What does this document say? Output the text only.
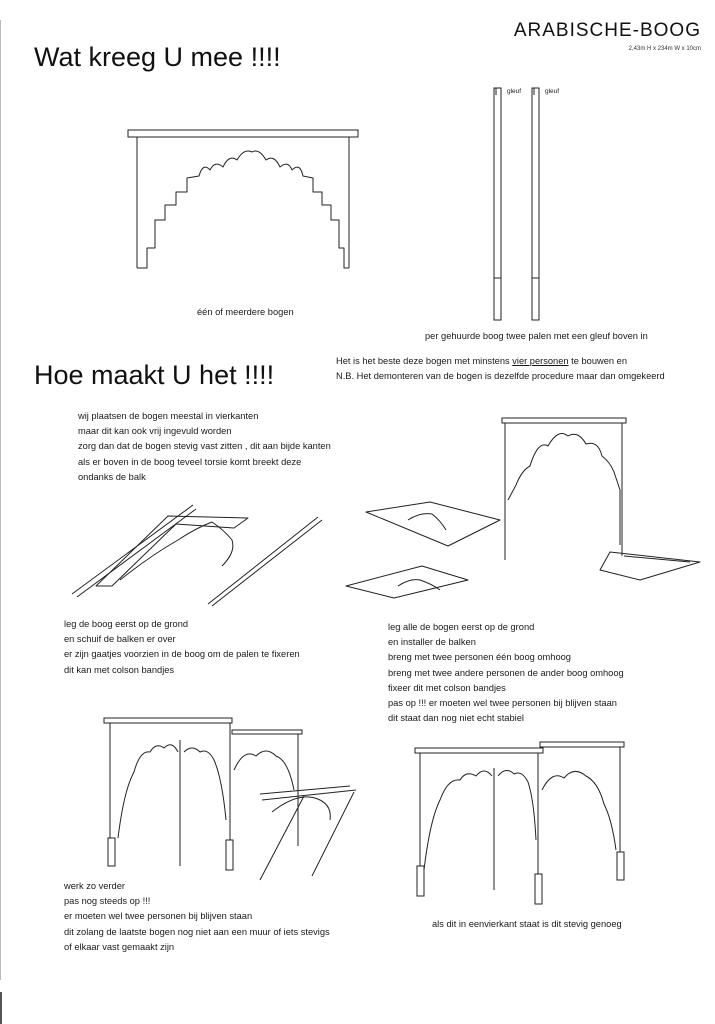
ARABISCHE-BOOG
2,43m H x 234m W x 10cm
Wat kreeg U mee !!!!
Hoe maakt U het !!!!
gleuf	gleuf
één of meerdere bogen
per gehuurde boog twee palen met een gleuf boven in
Het is het beste deze bogen met minstens vier personen te bouwen en
N.B. Het demonteren van de bogen is dezelfde procedure maar dan omgekeerd
wij plaatsen de bogen meestal in vierkanten
maar dit kan ook vrij ingevuld worden
zorg dan dat de bogen stevig vast zitten , dit aan bijde kanten
als er boven in de boog teveel torsie komt breekt deze
ondanks de balk
leg de boog eerst op de grond
en schuif de balken er over
er zijn gaatjes voorzien in de boog om de palen te fixeren
dit kan met colson bandjes
leg alle de bogen eerst op de grond
en installer de balken
breng met twee personen één boog omhoog
breng met twee andere personen de ander boog omhoog
fixeer dit met colson bandjes
pas op !!! er moeten wel twee personen bij blijven staan
dit staat dan nog niet echt stabiel
werk zo verder
pas nog steeds op !!!
er moeten wel twee personen bij blijven staan
dit zolang de laatste bogen nog niet aan een muur of iets stevigs
of elkaar vast gemaakt zijn
als dit in eenvierkant staat is dit stevig genoeg
